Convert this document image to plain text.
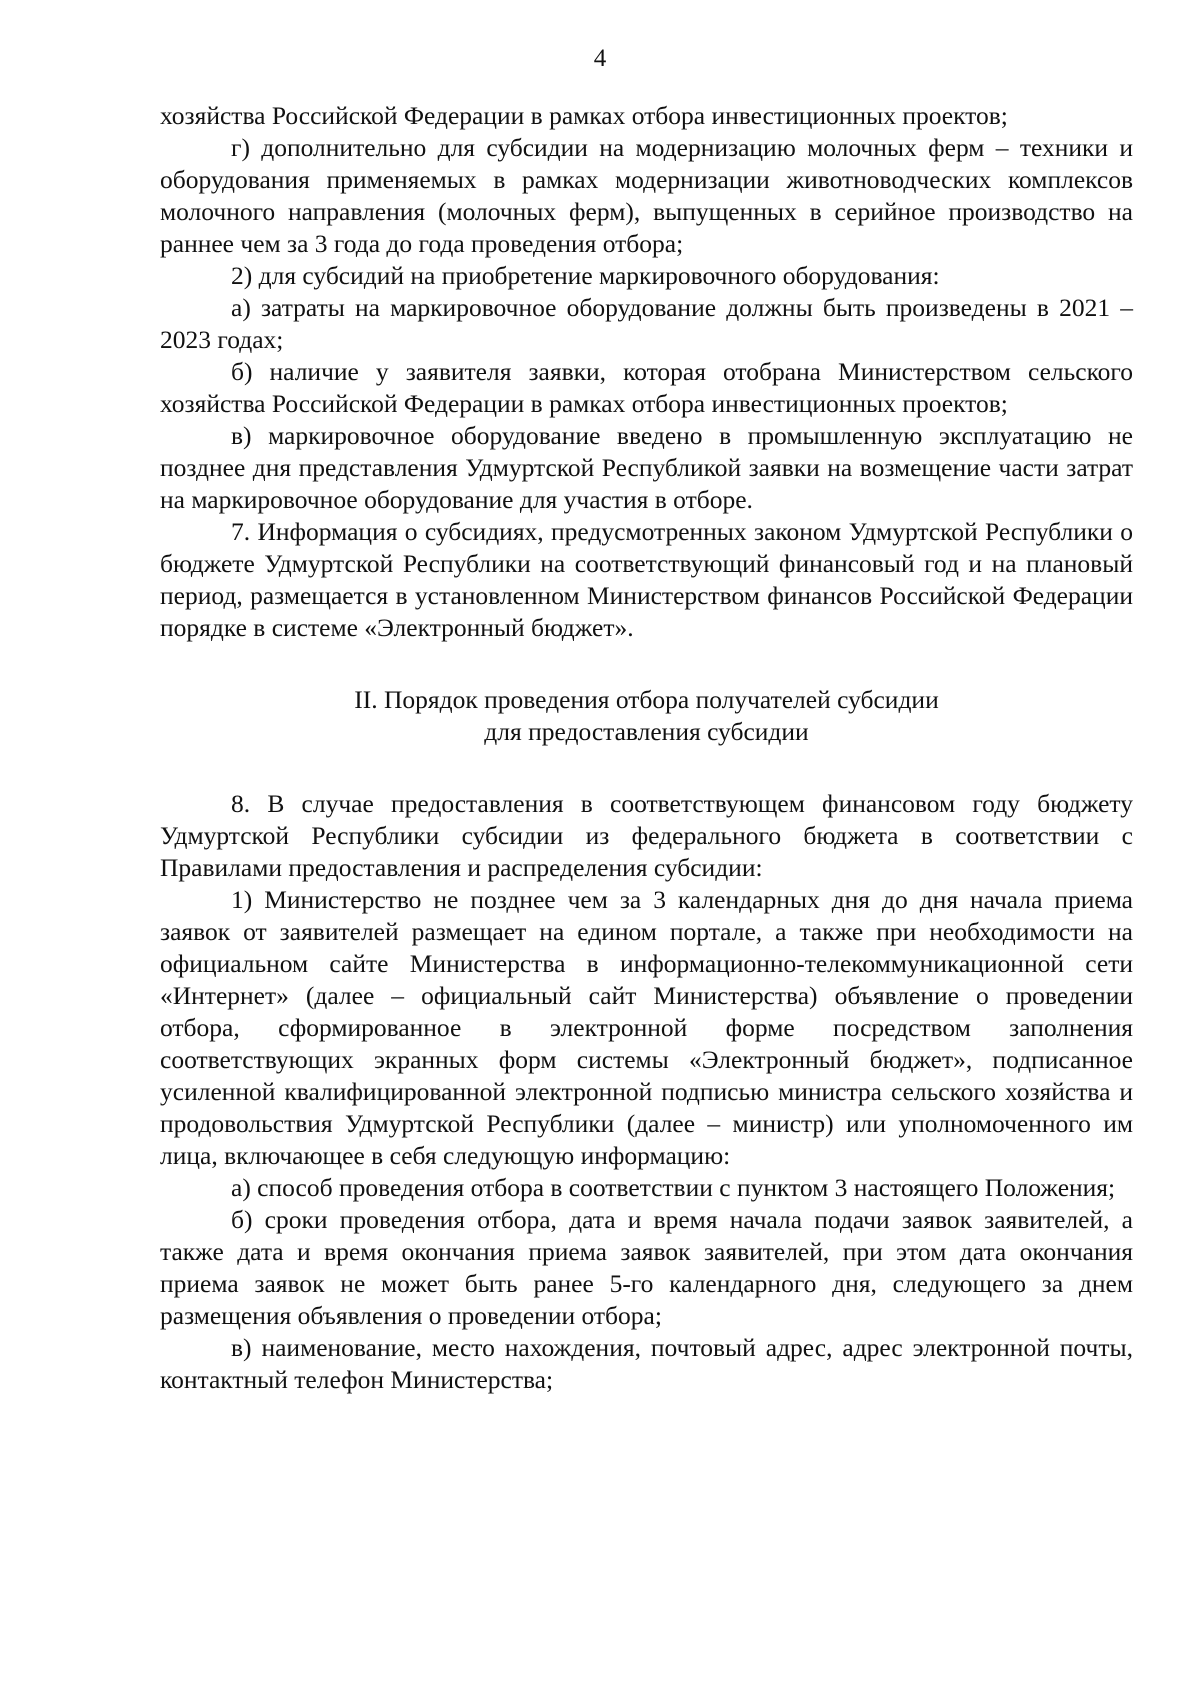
4

хозяйства Российской Федерации в рамках отбора инвестиционных проектов;

г) дополнительно для субсидии на модернизацию молочных ферм – техники и оборудования применяемых в рамках модернизации животноводческих комплексов молочного направления (молочных ферм), выпущенных в серийное производство на раннее чем за 3 года до года проведения отбора;

2) для субсидий на приобретение маркировочного оборудования:

а) затраты на маркировочное оборудование должны быть произведены в 2021 – 2023 годах;

б) наличие у заявителя заявки, которая отобрана Министерством сельского хозяйства Российской Федерации в рамках отбора инвестиционных проектов;

в) маркировочное оборудование введено в промышленную эксплуатацию не позднее дня представления Удмуртской Республикой заявки на возмещение части затрат на маркировочное оборудование для участия в отборе.

7. Информация о субсидиях, предусмотренных законом Удмуртской Республики о бюджете Удмуртской Республики на соответствующий финансовый год и на плановый период, размещается в установленном Министерством финансов Российской Федерации порядке в системе «Электронный бюджет».

II. Порядок проведения отбора получателей субсидии

для предоставления субсидии

8. В случае предоставления в соответствующем финансовом году бюджету Удмуртской Республики субсидии из федерального бюджета в соответствии с Правилами предоставления и распределения субсидии:

1) Министерство не позднее чем за 3 календарных дня до дня начала приема заявок от заявителей размещает на едином портале, а также при необходимости на официальном сайте Министерства в информационно-телекоммуникационной сети «Интернет» (далее – официальный сайт Министерства) объявление о проведении отбора, сформированное в электронной форме посредством заполнения соответствующих экранных форм системы «Электронный бюджет», подписанное усиленной квалифицированной электронной подписью министра сельского хозяйства и продовольствия Удмуртской Республики (далее – министр) или уполномоченного им лица, включающее в себя следующую информацию:

а) способ проведения отбора в соответствии с пунктом 3 настоящего Положения;

б) сроки проведения отбора, дата и время начала подачи заявок заявителей, а также дата и время окончания приема заявок заявителей, при этом дата окончания приема заявок не может быть ранее 5-го календарного дня, следующего за днем размещения объявления о проведении отбора;

в) наименование, место нахождения, почтовый адрес, адрес электронной почты, контактный телефон Министерства;
